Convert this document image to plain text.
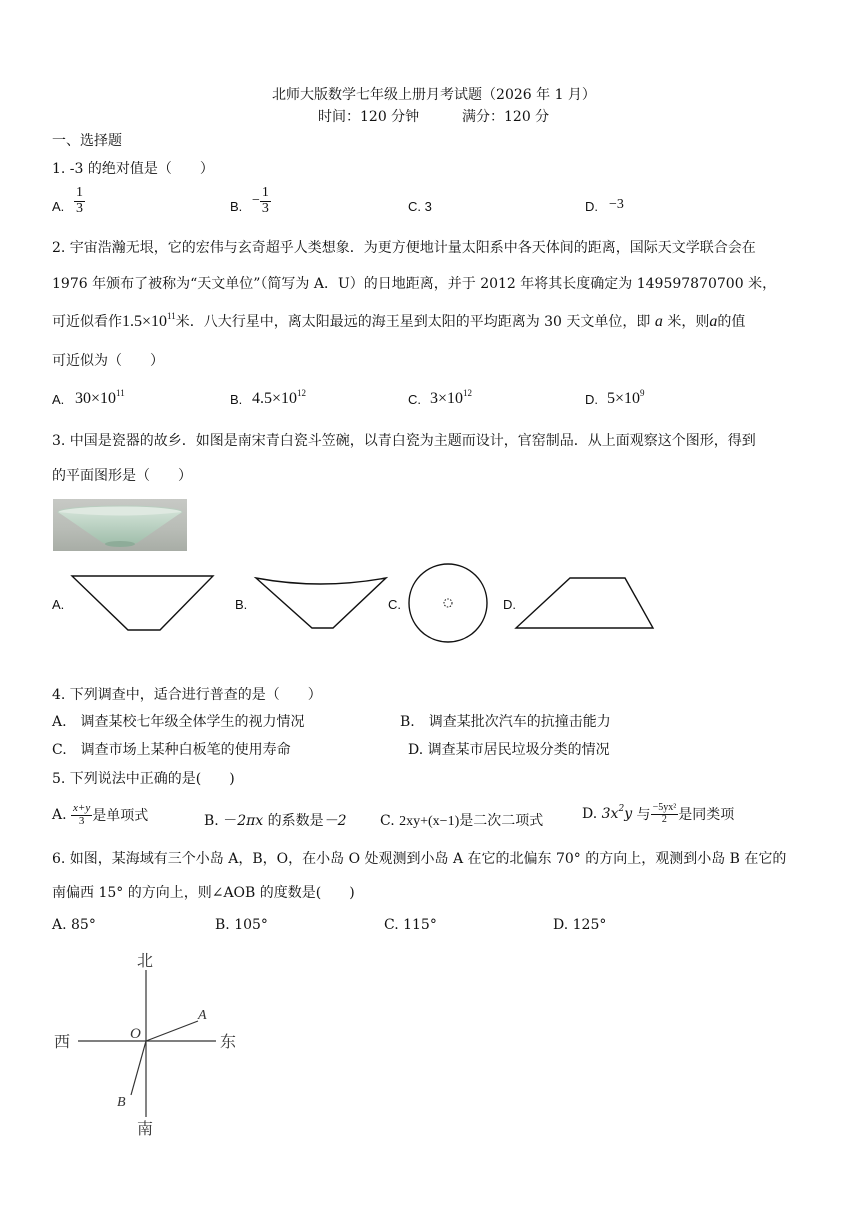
北师大版数学七年级上册月考试题（2026 年 1 月）
时间：120 分钟	满分：120 分
一、选择题
1. -3 的绝对值是（　　）
A. $\frac{1}{3}$	B. − $\frac{1}{3}$	C. 3	D. −3
2. 宇宙浩瀚无垠，它的宏伟与玄奇超乎人类想象．为更方便地计量太阳系中各天体间的距离，国际天文学联合会在
1976 年颁布了被称为“天文单位”（简写为 A．U）的日地距离，并于 2012 年将其长度确定为 149597870700 米，
可近似看作$1.5\times 10^{11}$米．八大行星中，离太阳最远的海王星到太阳的平均距离为 30 天文单位，即 a 米，则a的值
可近似为（　　）
A. $30\times 10^{11}$	B. $4.5\times 10^{12}$	C. $3\times 10^{12}$	D. $5\times 10^9$
3. 中国是瓷器的故乡．如图是南宋青白瓷斗笠碗，以青白瓷为主题而设计，官窑制品．从上面观察这个图形，得到
的平面图形是（　　）
A.	B.	C.	D.
4. 下列调查中，适合进行普查的是（　　）
A.　调查某校七年级全体学生的视力情况	B.　调查某批次汽车的抗撞击能力
C.　调查市场上某种白板笔的使用寿命	D. 调查某市居民垃圾分类的情况
5. 下列说法中正确的是(　　)
A. $\frac{x+y}{3}$ 是单项式	B. －2πx 的系数是－2 C. 2xy+(x−1)是二次二项式	D. $3x^2y$ 与 $\frac{\text{−5yx²}}{2}$ 是同类项
6. 如图，某海域有三个小岛 A，B，O，在小岛 O 处观测到小岛 A 在它的北偏东 70° 的方向上，观测到小岛 B 在它的
南偏西 15° 的方向上，则∠AOB 的度数是(　　)
A. 85°	B. 105°	C. 115°	D. 125°
北
南
西	东
O
A
B
